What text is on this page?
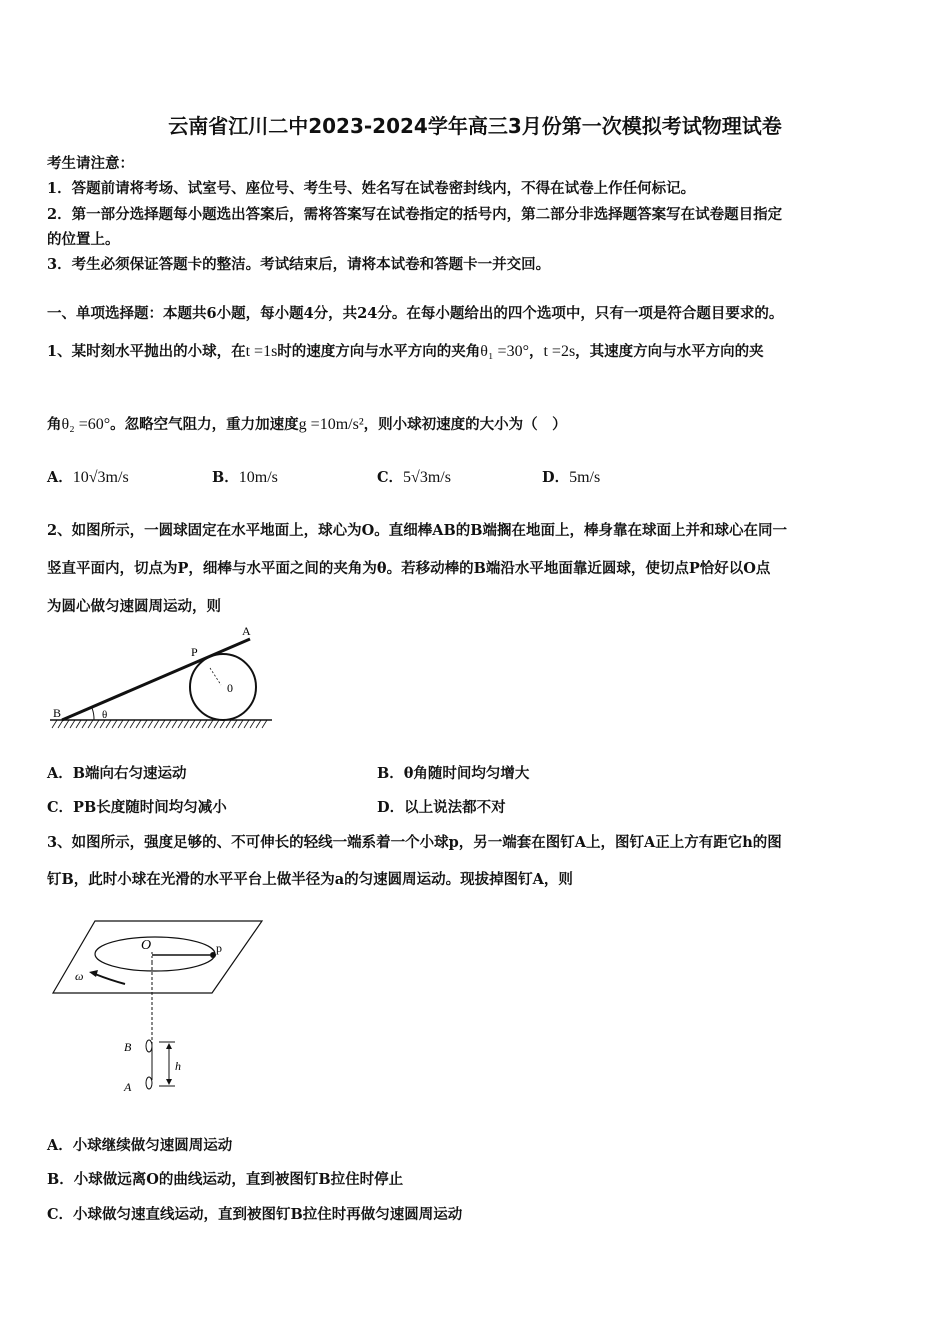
云南省江川二中2023-2024学年高三3月份第一次模拟考试物理试卷
考生请注意：
1．答题前请将考场、试室号、座位号、考生号、姓名写在试卷密封线内，不得在试卷上作任何标记。
2．第一部分选择题每小题选出答案后，需将答案写在试卷指定的括号内，第二部分非选择题答案写在试卷题目指定
的位置上。
3．考生必须保证答题卡的整洁。考试结束后，请将本试卷和答题卡一并交回。
一、单项选择题：本题共6小题，每小题4分，共24分。在每小题给出的四个选项中，只有一项是符合题目要求的。
1、某时刻水平抛出的小球，在t =1s时的速度方向与水平方向的夹角θ₁ =30°，t =2s，其速度方向与水平方向的夹
角θ₂ =60°。忽略空气阻力，重力加速度g =10m/s²，则小球初速度的大小为（　）
A．10√3m/s	B．10m/s	C．5√3m/s	D．5m/s
2、如图所示，一圆球固定在水平地面上，球心为O。直细棒AB的B端搁在地面上，棒身靠在球面上并和球心在同一
竖直平面内，切点为P，细棒与水平面之间的夹角为θ。若移动棒的B端沿水平地面靠近圆球，使切点P恰好以O点
为圆心做匀速圆周运动，则
A
P
0
B	θ
A．B端向右匀速运动	B．θ角随时间均匀增大
C．PB长度随时间均匀减小	D．以上说法都不对
3、如图所示，强度足够的、不可伸长的轻线一端系着一个小球p，另一端套在图钉A上，图钉A正上方有距它h的图
钉B，此时小球在光滑的水平平台上做半径为a的匀速圆周运动。现拔掉图钉A，则
O	p
ω
B
A
h
A．小球继续做匀速圆周运动
B．小球做远离O的曲线运动，直到被图钉B拉住时停止
C．小球做匀速直线运动，直到被图钉B拉住时再做匀速圆周运动
